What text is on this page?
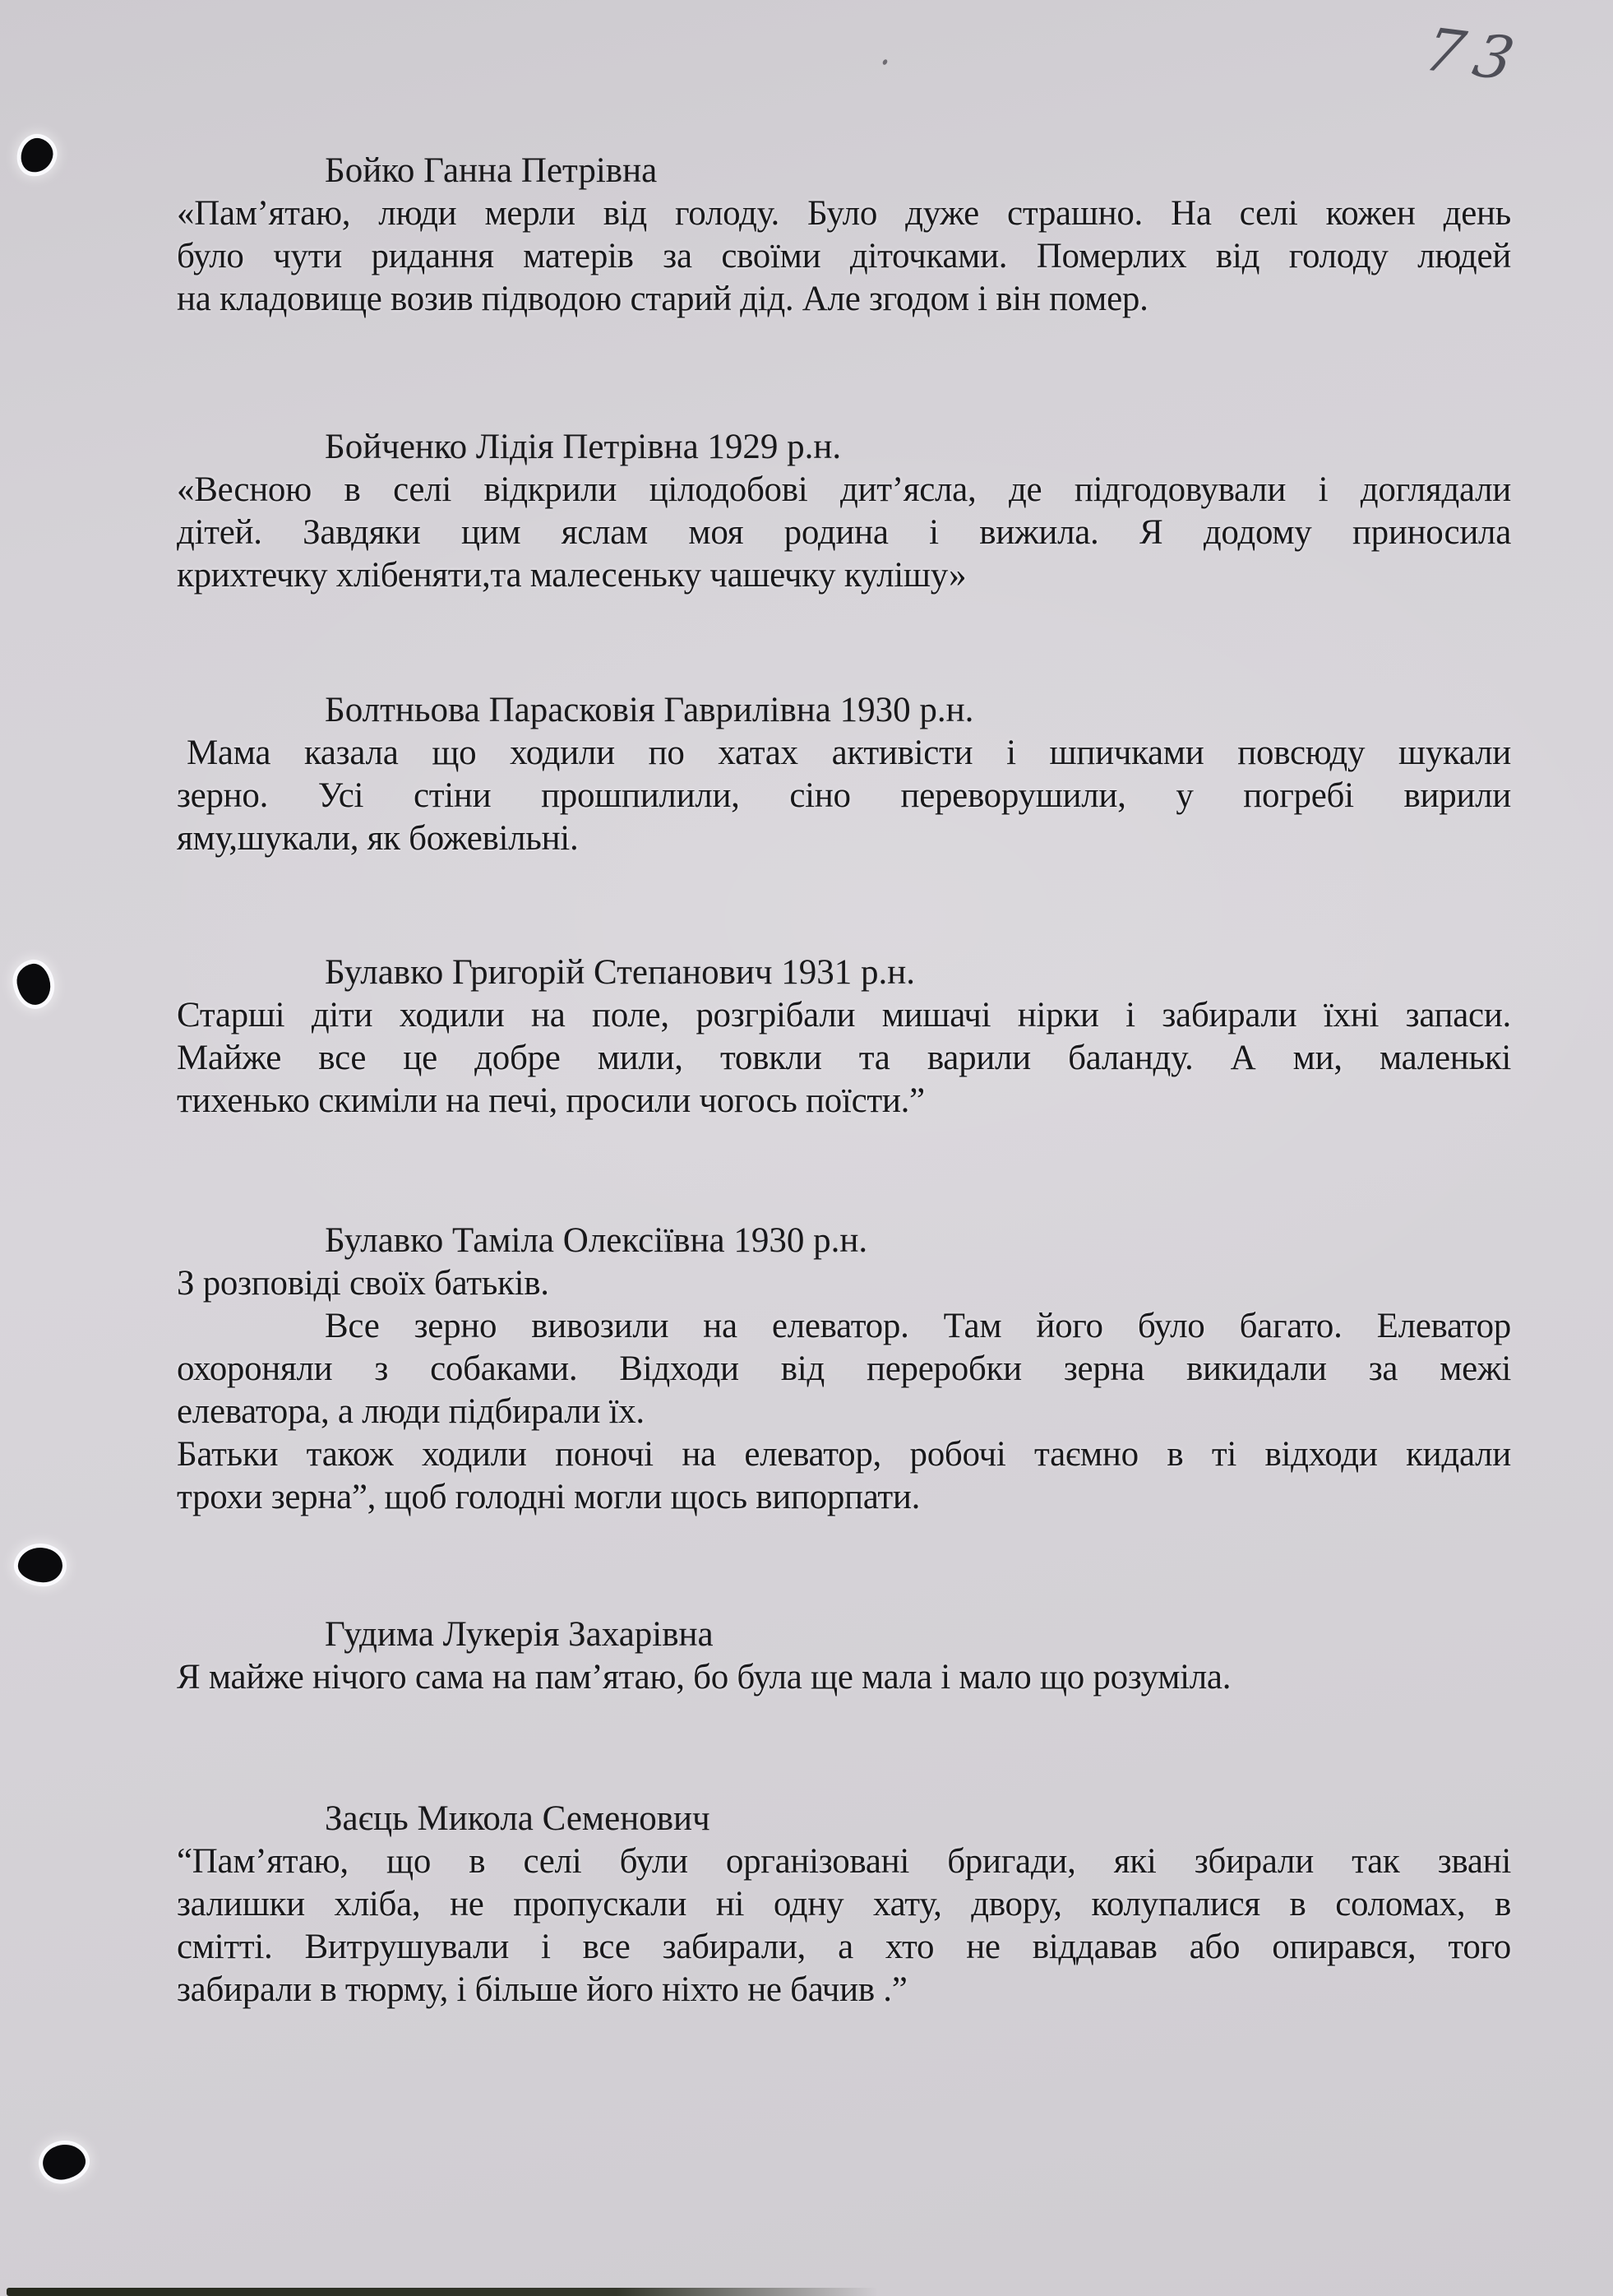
73
Бойко Ганна Петрівна

«Пам’ятаю, люди мерли від голоду. Було дуже страшно. На селі кожен день

було чути ридання матерів за своїми діточками. Померлих від голоду людей

на кладовище возив підводою старий дід. Але згодом і він помер.

Бойченко Лідія Петрівна 1929 р.н.

«Весною в селі відкрили цілодобові дит’ясла, де підгодовували і доглядали

дітей. Завдяки цим яслам моя родина і вижила. Я додому приносила

крихтечку хлібеняти,та малесеньку чашечку кулішу»

Болтньова Парасковія Гаврилівна 1930 р.н.

Мама казала що ходили по хатах активісти і шпичками повсюду шукали

зерно. Усі стіни прошпилили, сіно переворушили, у погребі вирили

яму,шукали, як божевільні.

Булавко Григорій Степанович 1931 р.н.

Старші діти ходили на поле, розгрібали мишачі нірки і забирали їхні запаси.

Майже все це добре мили, товкли та варили баланду. А ми, маленькі

тихенько скиміли на печі, просили чогось поїсти.”

Булавко Таміла Олексіївна 1930 р.н.

З розповіді своїх батьків.

Все зерно вивозили на елеватор. Там його було багато. Елеватор

охороняли з собаками. Відходи від переробки зерна викидали за межі

елеватора, а люди підбирали їх.

Батьки також ходили поночі на елеватор, робочі таємно в ті відходи кидали

трохи зерна”, щоб голодні могли щось випорпати.

Гудима Лукерія Захарівна

Я майже нічого сама на пам’ятаю, бо була ще мала і мало що розуміла.

Заєць Микола Семенович

“Пам’ятаю, що в селі були організовані бригади, які збирали так звані

залишки хліба, не пропускали ні одну хату, двору, колупалися в соломах, в

смітті. Витрушували і все забирали, а хто не віддавав або опирався, того

забирали в тюрму, і більше його ніхто не бачив .”
